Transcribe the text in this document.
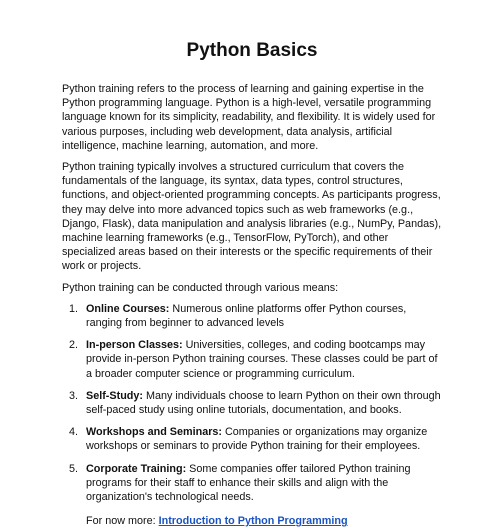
Python Basics

Python training refers to the process of learning and gaining expertise in the Python programming language. Python is a high-level, versatile programming language known for its simplicity, readability, and flexibility. It is widely used for various purposes, including web development, data analysis, artificial intelligence, machine learning, automation, and more.

Python training typically involves a structured curriculum that covers the fundamentals of the language, its syntax, data types, control structures, functions, and object-oriented programming concepts. As participants progress, they may delve into more advanced topics such as web frameworks (e.g., Django, Flask), data manipulation and analysis libraries (e.g., NumPy, Pandas), machine learning frameworks (e.g., TensorFlow, PyTorch), and other specialized areas based on their interests or the specific requirements of their work or projects.

Python training can be conducted through various means:

1. Online Courses: Numerous online platforms offer Python courses, ranging from beginner to advanced levels
2. In-person Classes: Universities, colleges, and coding bootcamps may provide in-person Python training courses. These classes could be part of a broader computer science or programming curriculum.
3. Self-Study: Many individuals choose to learn Python on their own through self-paced study using online tutorials, documentation, and books.
4. Workshops and Seminars: Companies or organizations may organize workshops or seminars to provide Python training for their employees.
5. Corporate Training: Some companies offer tailored Python training programs for their staff to enhance their skills and align with the organization's technological needs.

For now more: Introduction to Python Programming
